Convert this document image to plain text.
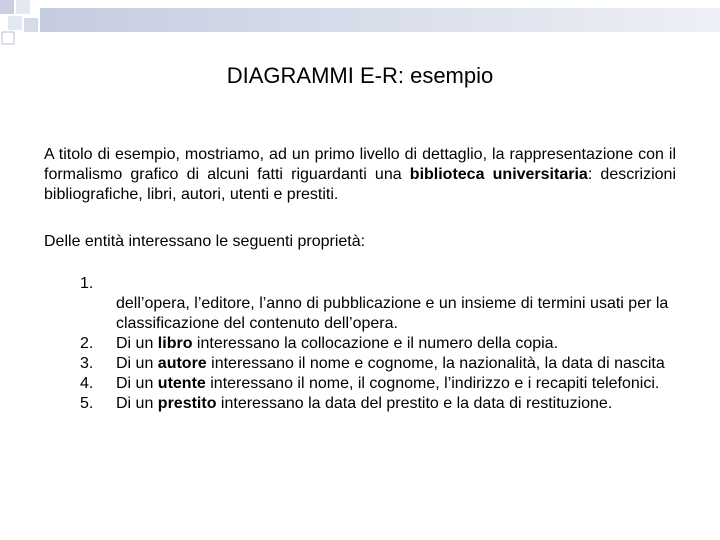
DIAGRAMMI E-R: esempio
A titolo di esempio, mostriamo, ad un primo livello di dettaglio, la rappresentazione con il formalismo grafico di alcuni fatti riguardanti una biblioteca universitaria: descrizioni bibliografiche, libri, autori, utenti e prestiti.
Delle entità interessano le seguenti proprietà:
1.
dell’opera, l’editore, l’anno di pubblicazione e un insieme di termini usati per la classificazione del contenuto dell’opera.
2.	Di un libro interessano la collocazione e il numero della copia.
3.	Di un autore interessano il nome e cognome, la nazionalità, la data di nascita
4.	Di un utente interessano il nome, il cognome, l’indirizzo e i recapiti telefonici.
5.	Di un prestito interessano la data del prestito e la data di restituzione.
